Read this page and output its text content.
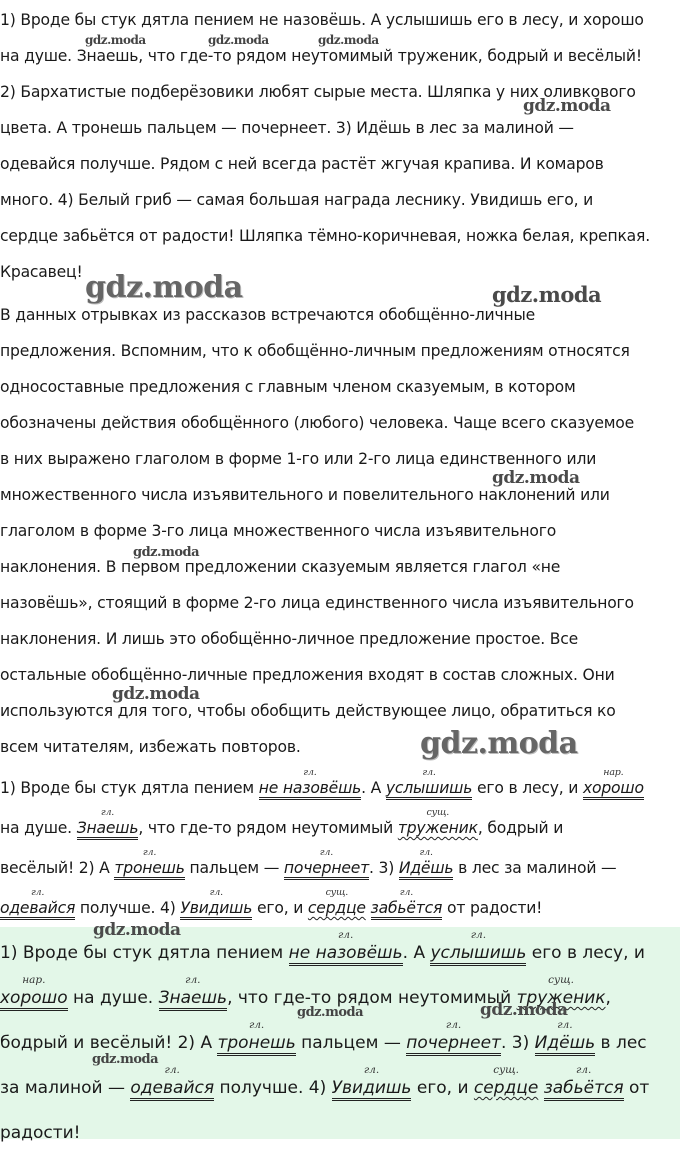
1) Вроде бы стук дятла пением не назовёшь. А услышишь его в лесу, и хорошо
на душе. Знаешь, что где-то рядом неутомимый труженик, бодрый и весёлый!
2) Бархатистые подберёзовики любят сырые места. Шляпка у них оливкового
цвета. А тронешь пальцем — почернеет. 3) Идёшь в лес за малиной —
одевайся получше. Рядом с ней всегда растёт жгучая крапива. И комаров
много. 4) Белый гриб — самая большая награда леснику. Увидишь его, и
сердце забьётся от радости! Шляпка тёмно-коричневая, ножка белая, крепкая.
Красавец!

В данных отрывках из рассказов встречаются обобщённо-личные
предложения. Вспомним, что к обобщённо-личным предложениям относятся
односоставные предложения с главным членом сказуемым, в котором
обозначены действия обобщённого (любого) человека. Чаще всего сказуемое
в них выражено глаголом в форме 1-го или 2-го лица единственного или
множественного числа изъявительного и повелительного наклонений или
глаголом в форме 3-го лица множественного числа изъявительного
наклонения. В первом предложении сказуемым является глагол «не
назовёшь», стоящий в форме 2-го лица единственного числа изъявительного
наклонения. И лишь это обобщённо-личное предложение простое. Все
остальные обобщённо-личные предложения входят в состав сложных. Они
используются для того, чтобы обобщить действующее лицо, обратиться ко
всем читателям, избежать повторов.

1) Вроде бы стук дятла пением
гл.
не назовёшь. А
гл.
услышишь его в лесу, и
нар.
хорошо
на душе.
гл.
Знаешь, что где-то рядом неутомимый
сущ.
труженик, бодрый и
весёлый! 2) А
гл.
тронешь пальцем —
гл.
почернеет. 3)
гл.
Идёшь в лес за малиной —
гл.
одевайся получше. 4)
гл.
Увидишь его, и
сущ.
сердце
гл.
забьётся от радости!

1) Вроде бы стук дятла пением
гл.
не назовёшь. А
гл.
услышишь его в лесу, и
нар.
хорошо на душе.
гл.
Знаешь, что где-то рядом неутомимый
сущ.
труженик,
бодрый и весёлый! 2) А
гл.
тронешь пальцем —
гл.
почернеет. 3)
гл.
Идёшь в лес
за малиной —
гл.
одевайся получше. 4)
гл.
Увидишь его, и
сущ.
сердце
гл.
забьётся от
радости!
gdz.moda	gdz.moda	gdz.moda
gdz.moda
gdz.moda	gdz.moda
gdz.moda
gdz.moda
gdz.moda
gdz.moda
gdz.moda
gdz.moda	gdz.moda
gdz.moda
